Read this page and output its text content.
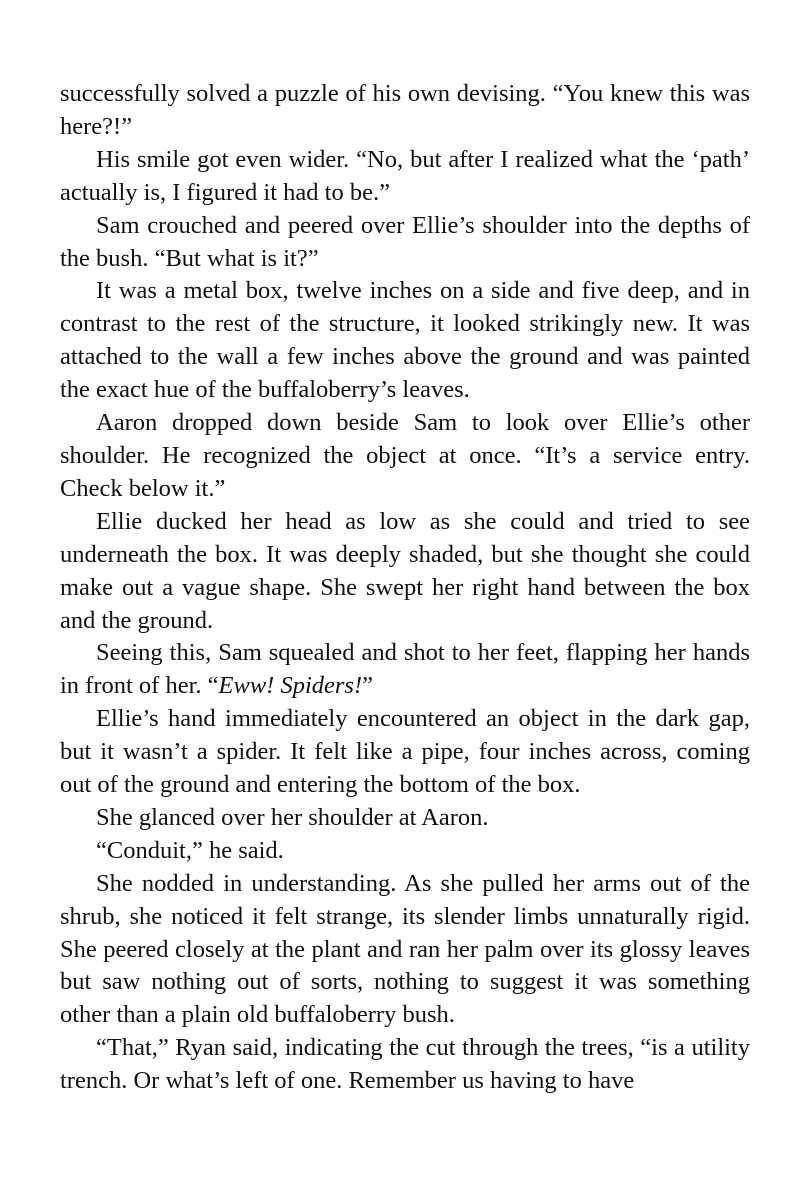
successfully solved a puzzle of his own devising. “You knew this was here?!”

His smile got even wider. “No, but after I realized what the ‘path’ actually is, I figured it had to be.”

Sam crouched and peered over Ellie’s shoulder into the depths of the bush. “But what is it?”

It was a metal box, twelve inches on a side and five deep, and in contrast to the rest of the structure, it looked strikingly new. It was attached to the wall a few inches above the ground and was painted the exact hue of the buffaloberry’s leaves.

Aaron dropped down beside Sam to look over Ellie’s other shoulder. He recognized the object at once. “It’s a service entry. Check below it.”

Ellie ducked her head as low as she could and tried to see underneath the box. It was deeply shaded, but she thought she could make out a vague shape. She swept her right hand between the box and the ground.

Seeing this, Sam squealed and shot to her feet, flapping her hands in front of her. “Eww! Spiders!”

Ellie’s hand immediately encountered an object in the dark gap, but it wasn’t a spider. It felt like a pipe, four inches across, coming out of the ground and entering the bottom of the box.

She glanced over her shoulder at Aaron.

“Conduit,” he said.

She nodded in understanding. As she pulled her arms out of the shrub, she noticed it felt strange, its slender limbs unnaturally rigid. She peered closely at the plant and ran her palm over its glossy leaves but saw nothing out of sorts, nothing to suggest it was something other than a plain old buffaloberry bush.

“That,” Ryan said, indicating the cut through the trees, “is a utility trench. Or what’s left of one. Remember us having to have
